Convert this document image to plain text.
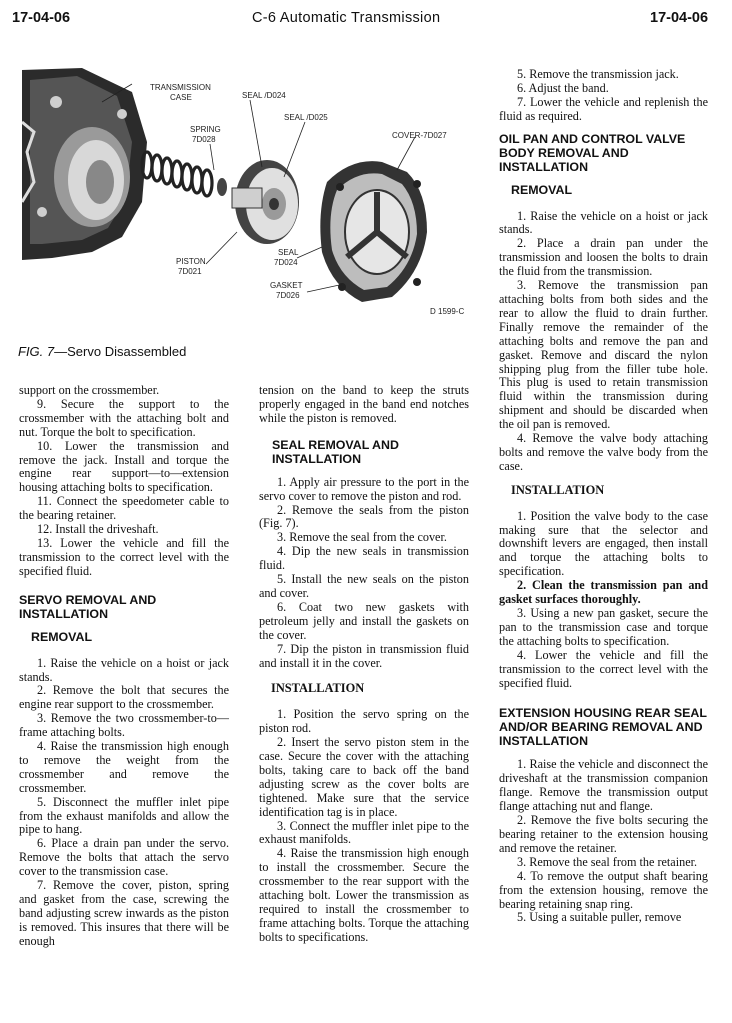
17-04-06	C-6 Automatic Transmission	17-04-06
TRANSMISSION
CASE	SEAL /D024
SEAL /D025
COVER-7D027
SPRING
7D028
PISTON
7D021
SEAL
7D024
GASKET
7D026
D 1599-C
FIG. 7—Servo Disassembled

support on the crossmember.

9. Secure the support to the crossmember with the attaching bolt and nut. Torque the bolt to specification.

10. Lower the transmission and remove the jack. Install and torque the engine rear support—to—extension housing attaching bolts to specification.

11. Connect the speedometer cable to the bearing retainer.

12. Install the driveshaft.

13. Lower the vehicle and fill the transmission to the correct level with the specified fluid.

SERVO REMOVAL AND INSTALLATION
REMOVAL

1. Raise the vehicle on a hoist or jack stands.

2. Remove the bolt that secures the engine rear support to the crossmember.

3. Remove the two crossmember-to—frame attaching bolts.

4. Raise the transmission high enough to remove the weight from the crossmember and remove the crossmember.

5. Disconnect the muffler inlet pipe from the exhaust manifolds and allow the pipe to hang.

6. Place a drain pan under the servo. Remove the bolts that attach the servo cover to the transmission case.

7. Remove the cover, piston, spring and gasket from the case, screwing the band adjusting screw inwards as the piston is removed. This insures that there will be enough

tension on the band to keep the struts properly engaged in the band end notches while the piston is removed.

SEAL REMOVAL AND INSTALLATION

1. Apply air pressure to the port in the servo cover to remove the piston and rod.

2. Remove the seals from the piston (Fig. 7).

3. Remove the seal from the cover.

4. Dip the new seals in transmission fluid.

5. Install the new seals on the piston and cover.

6. Coat two new gaskets with petroleum jelly and install the gaskets on the cover.

7. Dip the piston in transmission fluid and install it in the cover.

INSTALLATION

1. Position the servo spring on the piston rod.

2. Insert the servo piston stem in the case. Secure the cover with the attaching bolts, taking care to back off the band adjusting screw as the cover bolts are tightened. Make sure that the service identification tag is in place.

3. Connect the muffler inlet pipe to the exhaust manifolds.

4. Raise the transmission high enough to install the crossmember. Secure the crossmember to the rear support with the attaching bolt. Lower the transmission as required to install the crossmember to frame attaching bolts. Torque the attaching bolts to specifications.

5. Remove the transmission jack.

6. Adjust the band.

7. Lower the vehicle and replenish the fluid as required.

OIL PAN AND CONTROL VALVE BODY REMOVAL AND INSTALLATION
REMOVAL

1. Raise the vehicle on a hoist or jack stands.

2. Place a drain pan under the transmission and loosen the bolts to drain the fluid from the transmission.

3. Remove the transmission pan attaching bolts from both sides and the rear to allow the fluid to drain further. Finally remove the remainder of the attaching bolts and remove the pan and gasket. Remove and discard the nylon shipping plug from the filler tube hole. This plug is used to retain transmission fluid within the transmission during shipment and should be discarded when the oil pan is removed.

4. Remove the valve body attaching bolts and remove the valve body from the case.

INSTALLATION

1. Position the valve body to the case making sure that the selector and downshift levers are engaged, then install and torque the attaching bolts to specification.

2. Clean the transmission pan and gasket surfaces thoroughly.

3. Using a new pan gasket, secure the pan to the transmission case and torque the attaching bolts to specification.

4. Lower the vehicle and fill the transmission to the correct level with the specified fluid.

EXTENSION HOUSING REAR SEAL AND/OR BEARING REMOVAL AND INSTALLATION

1. Raise the vehicle and disconnect the driveshaft at the transmission companion flange. Remove the transmission output flange attaching nut and flange.

2. Remove the five bolts securing the bearing retainer to the extension housing and remove the retainer.

3. Remove the seal from the retainer.

4. To remove the output shaft bearing from the extension housing, remove the bearing retaining snap ring.

5. Using a suitable puller, remove
